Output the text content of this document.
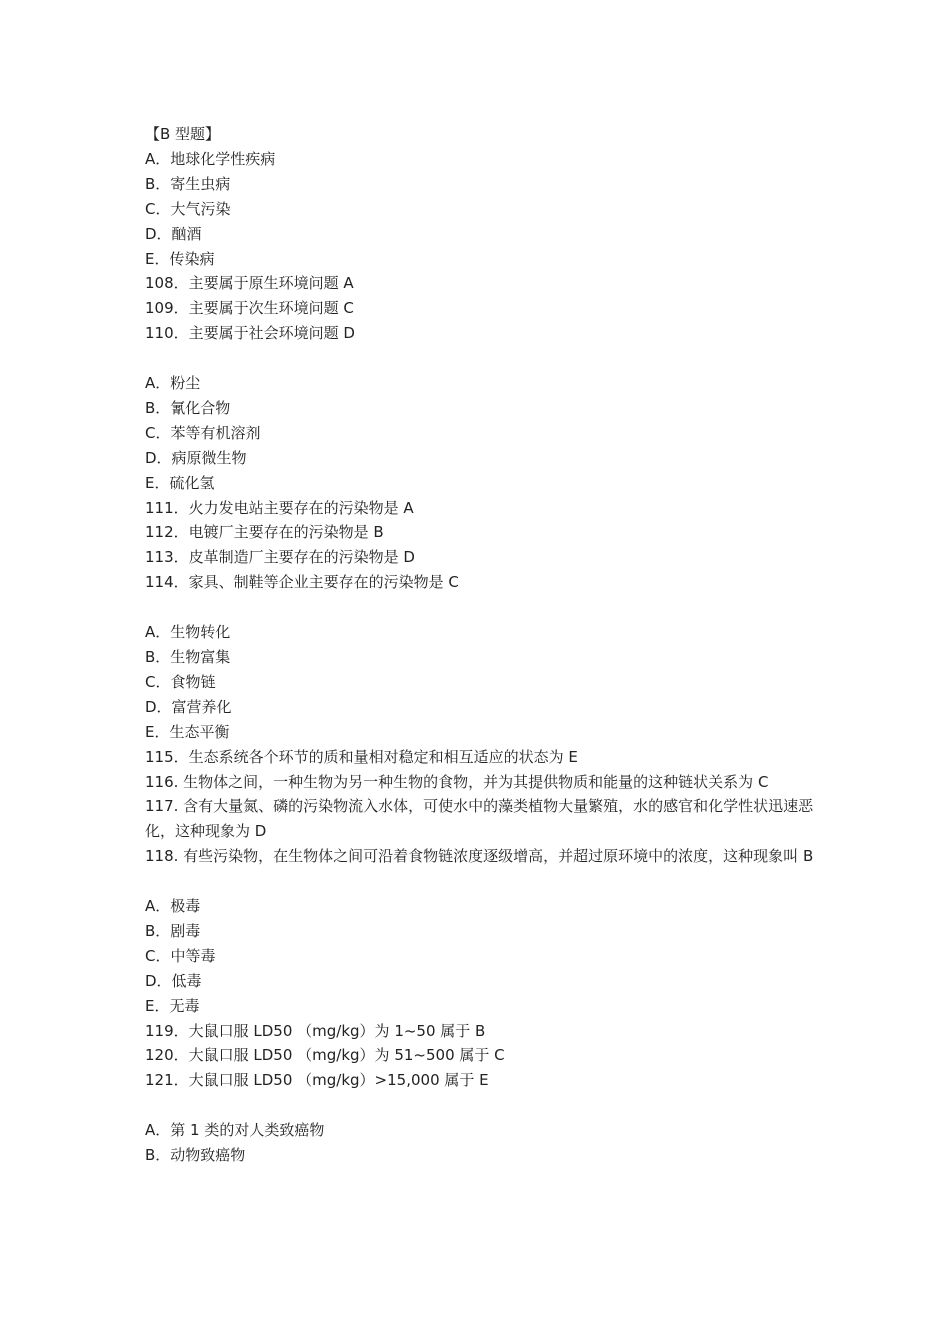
【B 型题】
A．地球化学性疾病
B．寄生虫病
C．大气污染
D．酗酒
E．传染病
108．主要属于原生环境问题 A
109．主要属于次生环境问题 C
110．主要属于社会环境问题 D
A．粉尘
B．氰化合物
C．苯等有机溶剂
D．病原微生物
E．硫化氢
111．火力发电站主要存在的污染物是 A
112．电镀厂主要存在的污染物是 B
113．皮革制造厂主要存在的污染物是 D
114．家具、制鞋等企业主要存在的污染物是 C
A．生物转化
B．生物富集
C．食物链
D．富营养化
E．生态平衡
115．生态系统各个环节的质和量相对稳定和相互适应的状态为 E
116. 生物体之间，一种生物为另一种生物的食物，并为其提供物质和能量的这种链状关系为 C
117. 含有大量氮、磷的污染物流入水体，可使水中的藻类植物大量繁殖，水的感官和化学性状迅速恶化，这种现象为 D
118. 有些污染物，在生物体之间可沿着食物链浓度逐级增高，并超过原环境中的浓度，这种现象叫 B
A．极毒
B．剧毒
C．中等毒
D．低毒
E．无毒
119．大鼠口服 LD50 （mg/kg）为 1~50 属于 B
120．大鼠口服 LD50 （mg/kg）为 51~500 属于 C
121．大鼠口服 LD50 （mg/kg）>15,000 属于 E
A．第 1 类的对人类致癌物
B．动物致癌物
